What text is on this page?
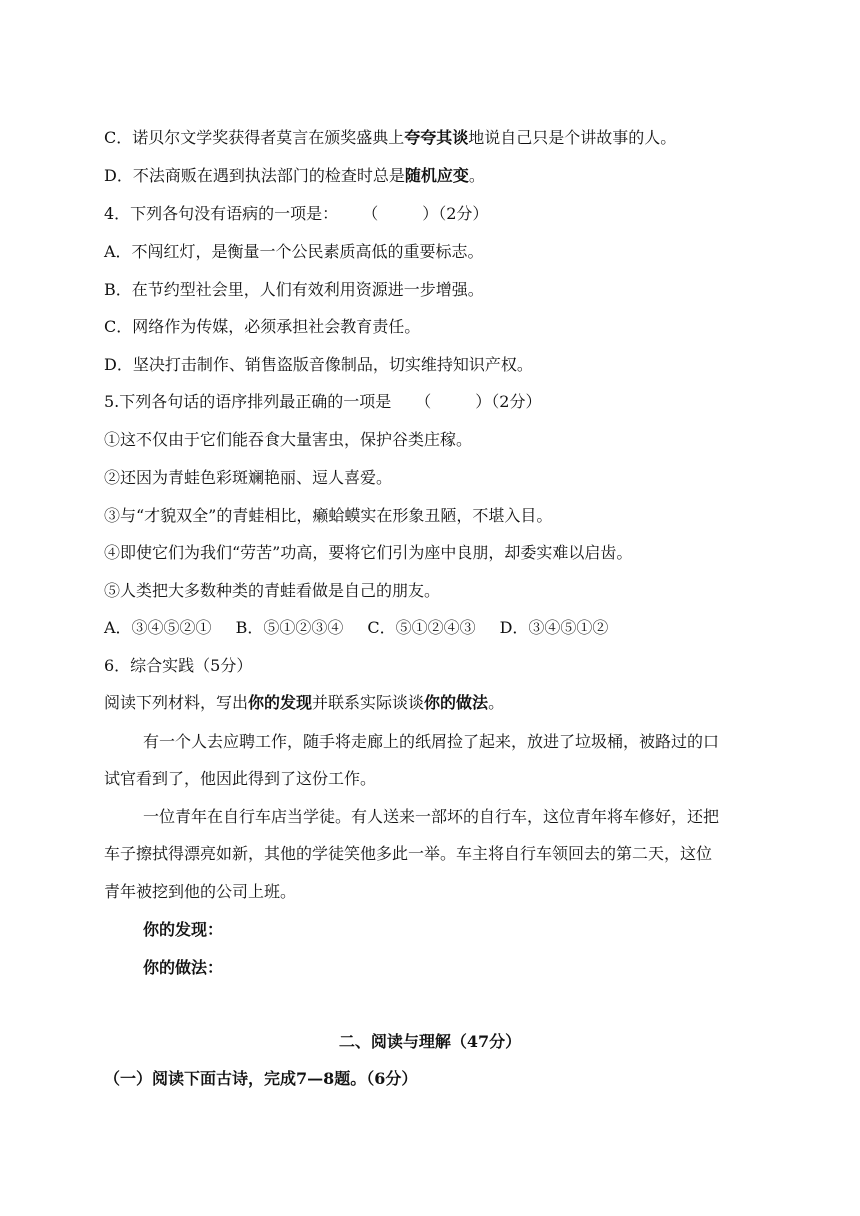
C．诺贝尔文学奖获得者莫言在颁奖盛典上夸夸其谈地说自己只是个讲故事的人。
D．不法商贩在遇到执法部门的检查时总是随机应变。
4．下列各句没有语病的一项是： （	）（2分）
A．不闯红灯，是衡量一个公民素质高低的重要标志。
B．在节约型社会里，人们有效利用资源进一步增强。
C．网络作为传媒，必须承担社会教育责任。
D．坚决打击制作、销售盗版音像制品，切实维持知识产权。
5.下列各句话的语序排列最正确的一项是 （	）（2分）
①这不仅由于它们能吞食大量害虫，保护谷类庄稼。
②还因为青蛙色彩斑斓艳丽、逗人喜爱。
③与“才貌双全”的青蛙相比，癞蛤蟆实在形象丑陋，不堪入目。
④即使它们为我们“劳苦”功高，要将它们引为座中良朋，却委实难以启齿。
⑤人类把大多数种类的青蛙看做是自己的朋友。
A．③④⑤②① B．⑤①②③④ C．⑤①②④③ D．③④⑤①②
6．综合实践（5分）
阅读下列材料，写出你的发现并联系实际谈谈你的做法。
有一个人去应聘工作，随手将走廊上的纸屑捡了起来，放进了垃圾桶，被路过的口
试官看到了，他因此得到了这份工作。
一位青年在自行车店当学徒。有人送来一部坏的自行车，这位青年将车修好，还把
车子擦拭得漂亮如新，其他的学徒笑他多此一举。车主将自行车领回去的第二天，这位
青年被挖到他的公司上班。
你的发现：
你的做法：
二、阅读与理解（47分）
（一）阅读下面古诗，完成7—8题。（6分）
